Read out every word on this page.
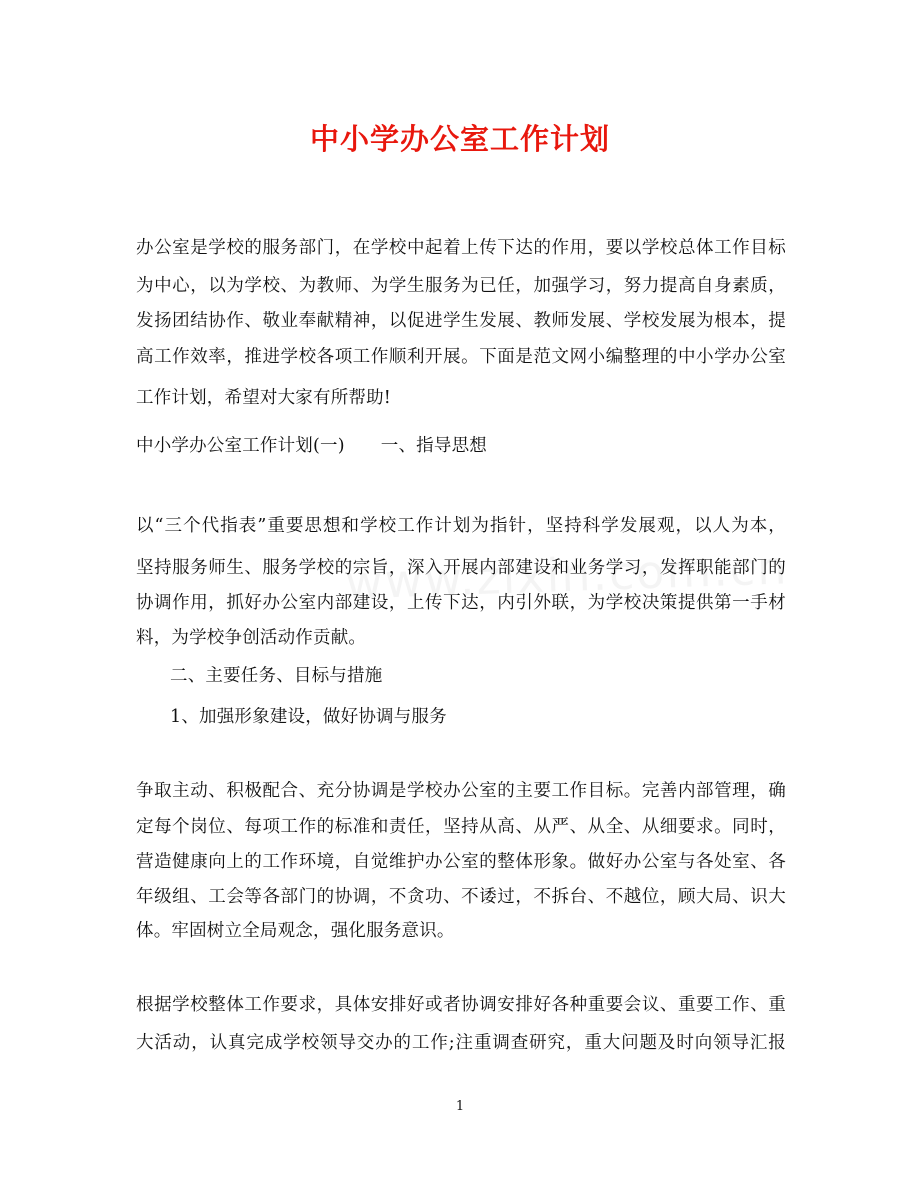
中小学办公室工作计划
办公室是学校的服务部门，在学校中起着上传下达的作用，要以学校总体工作目标
为中心，以为学校、为教师、为学生服务为已任，加强学习，努力提高自身素质，
发扬团结协作、敬业奉献精神，以促进学生发展、教师发展、学校发展为根本，提
高工作效率，推进学校各项工作顺利开展。下面是范文网小编整理的中小学办公室
工作计划，希望对大家有所帮助!
中小学办公室工作计划(一) 一、指导思想
以“三个代指表”重要思想和学校工作计划为指针，坚持科学发展观，以人为本，
坚持服务师生、服务学校的宗旨，深入开展内部建设和业务学习，发挥职能部门的
协调作用，抓好办公室内部建设，上传下达，内引外联，为学校决策提供第一手材
料，为学校争创活动作贡献。
二、主要任务、目标与措施
1、加强形象建设，做好协调与服务
争取主动、积极配合、充分协调是学校办公室的主要工作目标。完善内部管理，确
定每个岗位、每项工作的标准和责任，坚持从高、从严、从全、从细要求。同时，
营造健康向上的工作环境，自觉维护办公室的整体形象。做好办公室与各处室、各
年级组、工会等各部门的协调，不贪功、不诿过，不拆台、不越位，顾大局、识大
体。牢固树立全局观念，强化服务意识。
根据学校整体工作要求，具体安排好或者协调安排好各种重要会议、重要工作、重
大活动，认真完成学校领导交办的工作;注重调查研究，重大问题及时向领导汇报
1
